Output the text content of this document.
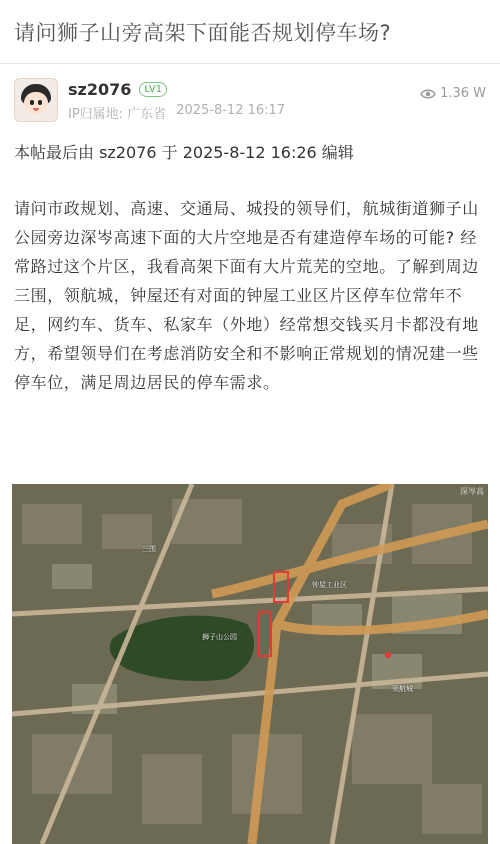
请问狮子山旁高架下面能否规划停车场?
sz2076	LV1
IP归属地: 广东省 2025-8-12 16:17
1.36 W
本帖最后由 sz2076 于 2025-8-12 16:26 编辑
请问市政规划、高速、交通局、城投的领导们，航城街道狮子山公园旁边深岑高速下面的大片空地是否有建造停车场的可能? 经常路过这个片区，我看高架下面有大片荒芜的空地。了解到周边三围，领航城，钟屋还有对面的钟屋工业区片区停车位常年不足，网约车、货车、私家车（外地）经常想交钱买月卡都没有地方，希望领导们在考虑消防安全和不影响正常规划的情况建一些停车位，满足周边居民的停车需求。
深岑高
狮子山公园
钟屋工业区
领航城
三围
